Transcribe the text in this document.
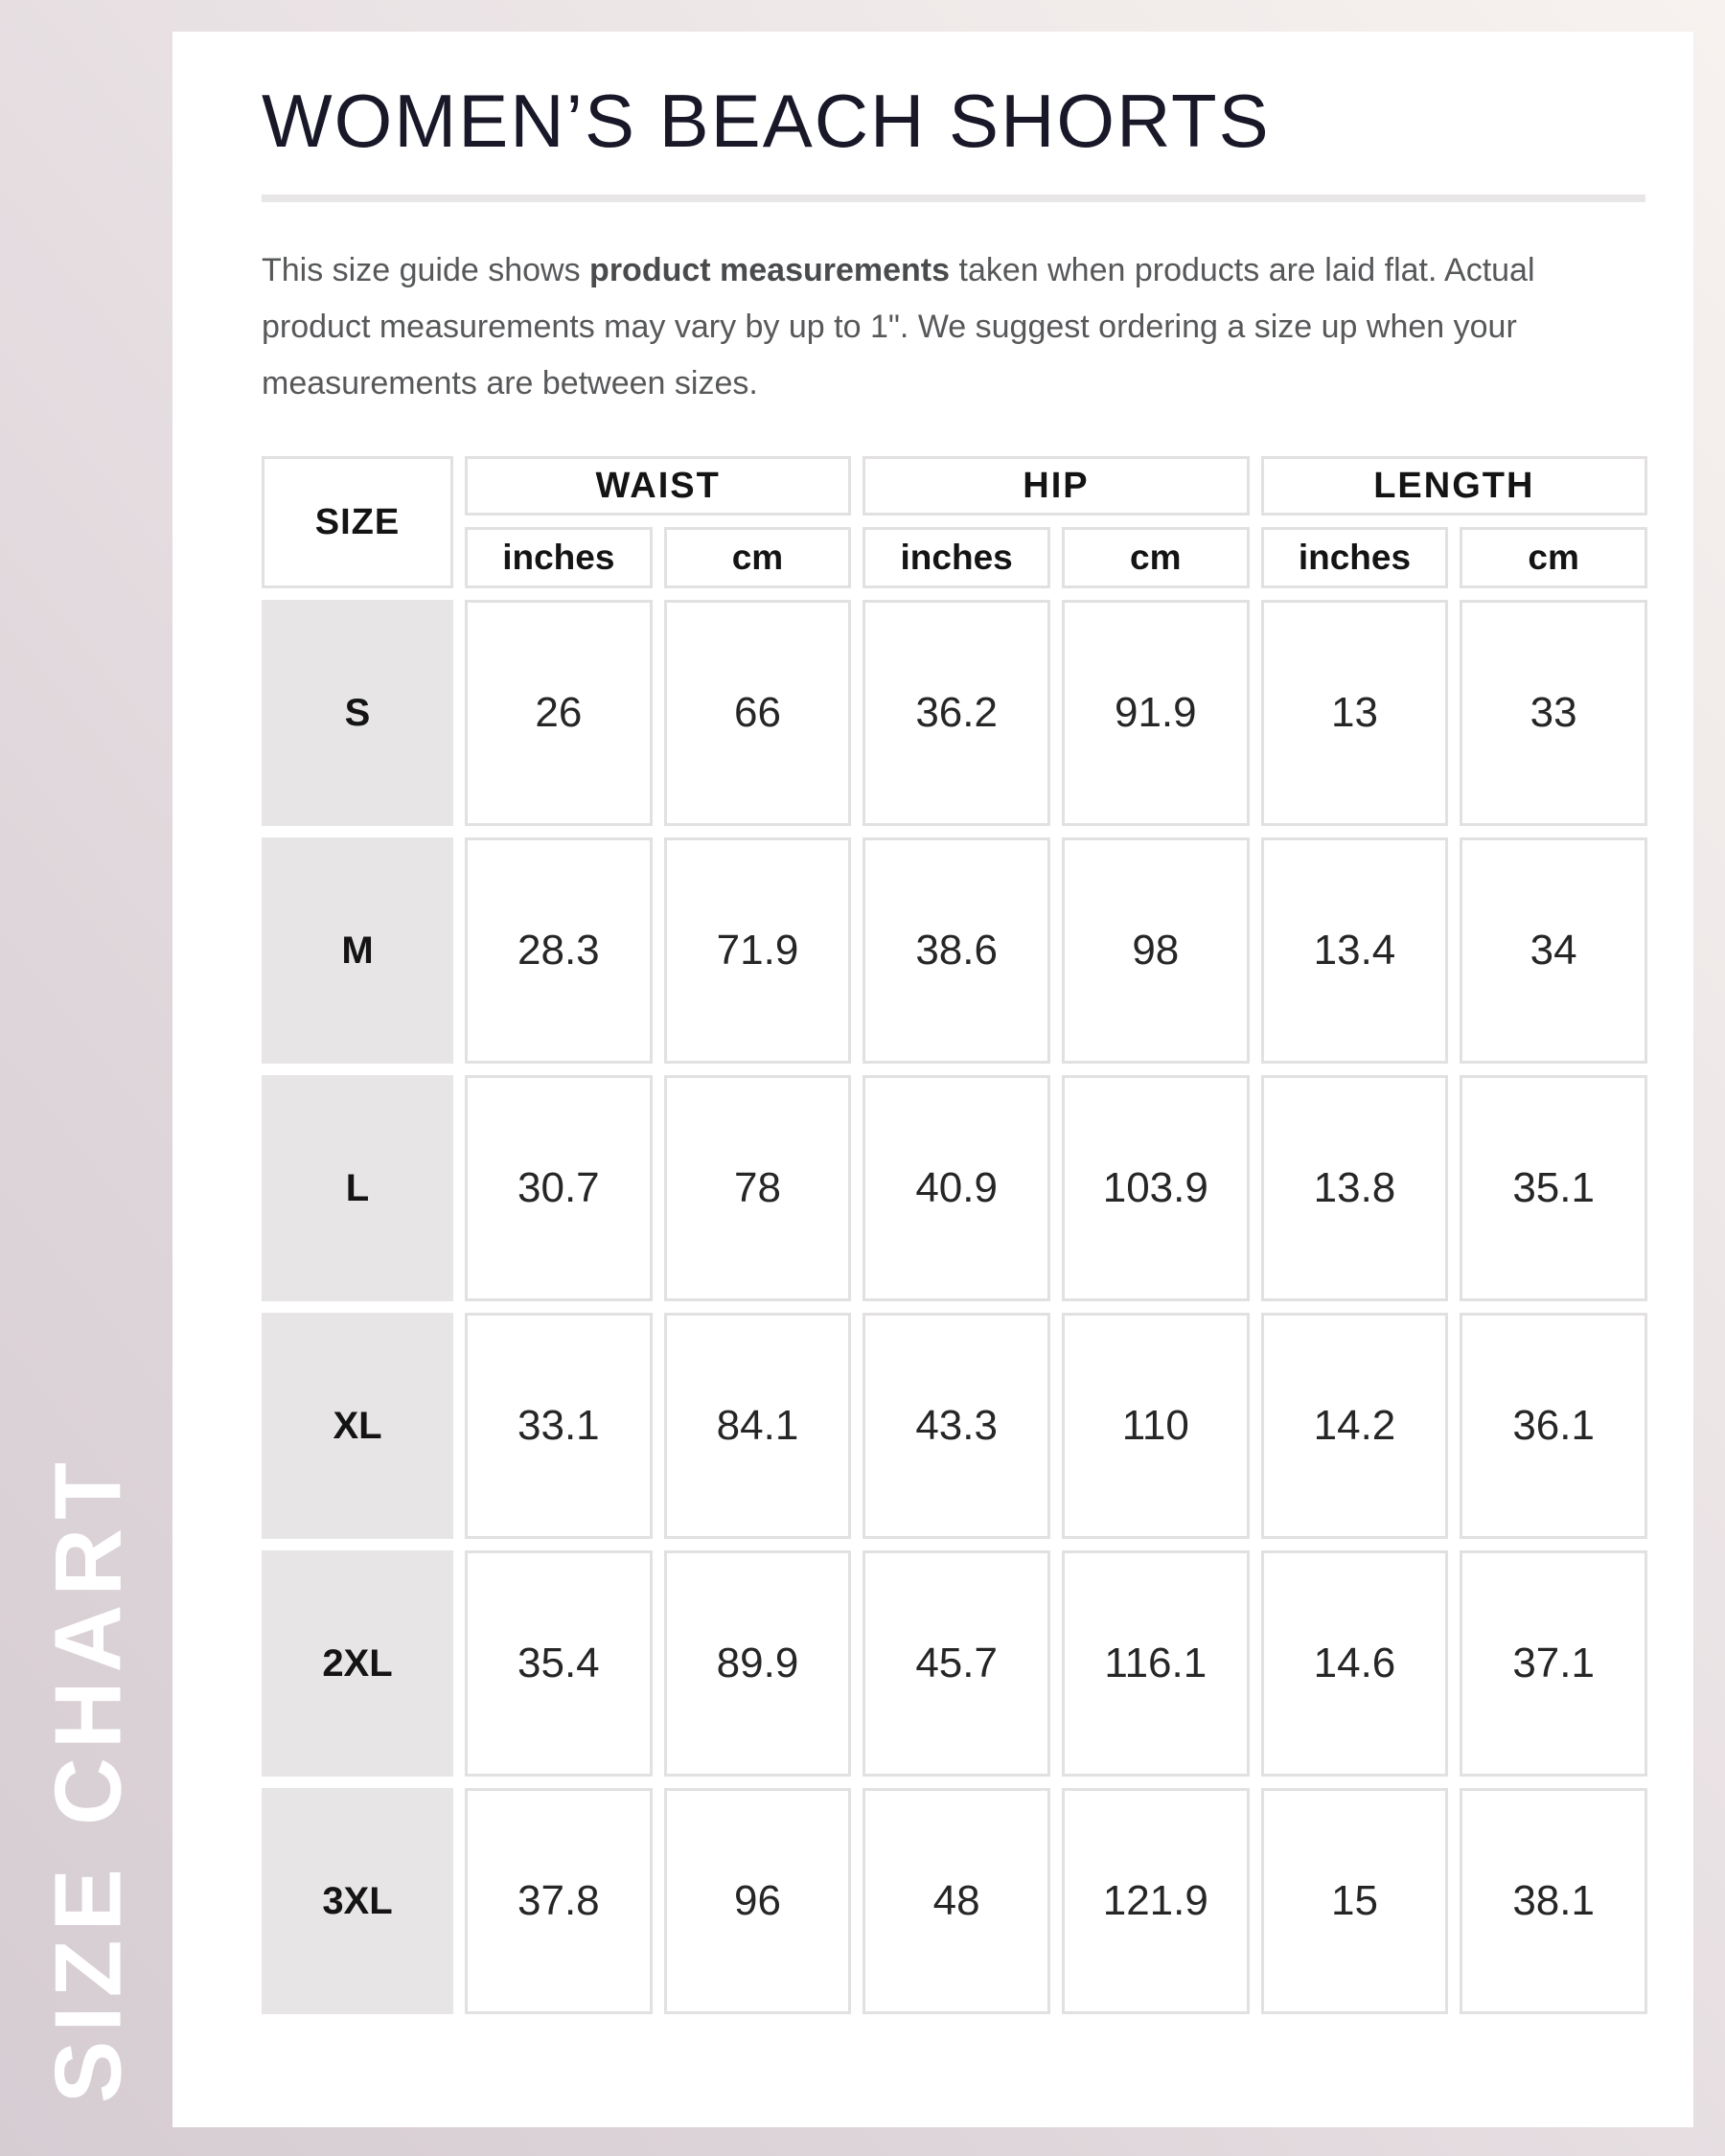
SIZE CHART
WOMEN’S BEACH SHORTS

This size guide shows product measurements taken when products are laid flat. Actual product measurements may vary by up to 1". We suggest ordering a size up when your measurements are between sizes.

SIZE	WAIST		HIP		LENGTH	
	inches	cm	inches	cm	inches	cm
S	26	66	36.2	91.9	13	33
M	28.3	71.9	38.6	98	13.4	34
L	30.7	78	40.9	103.9	13.8	35.1
XL	33.1	84.1	43.3	110	14.2	36.1
2XL	35.4	89.9	45.7	116.1	14.6	37.1
3XL	37.8	96	48	121.9	15	38.1
